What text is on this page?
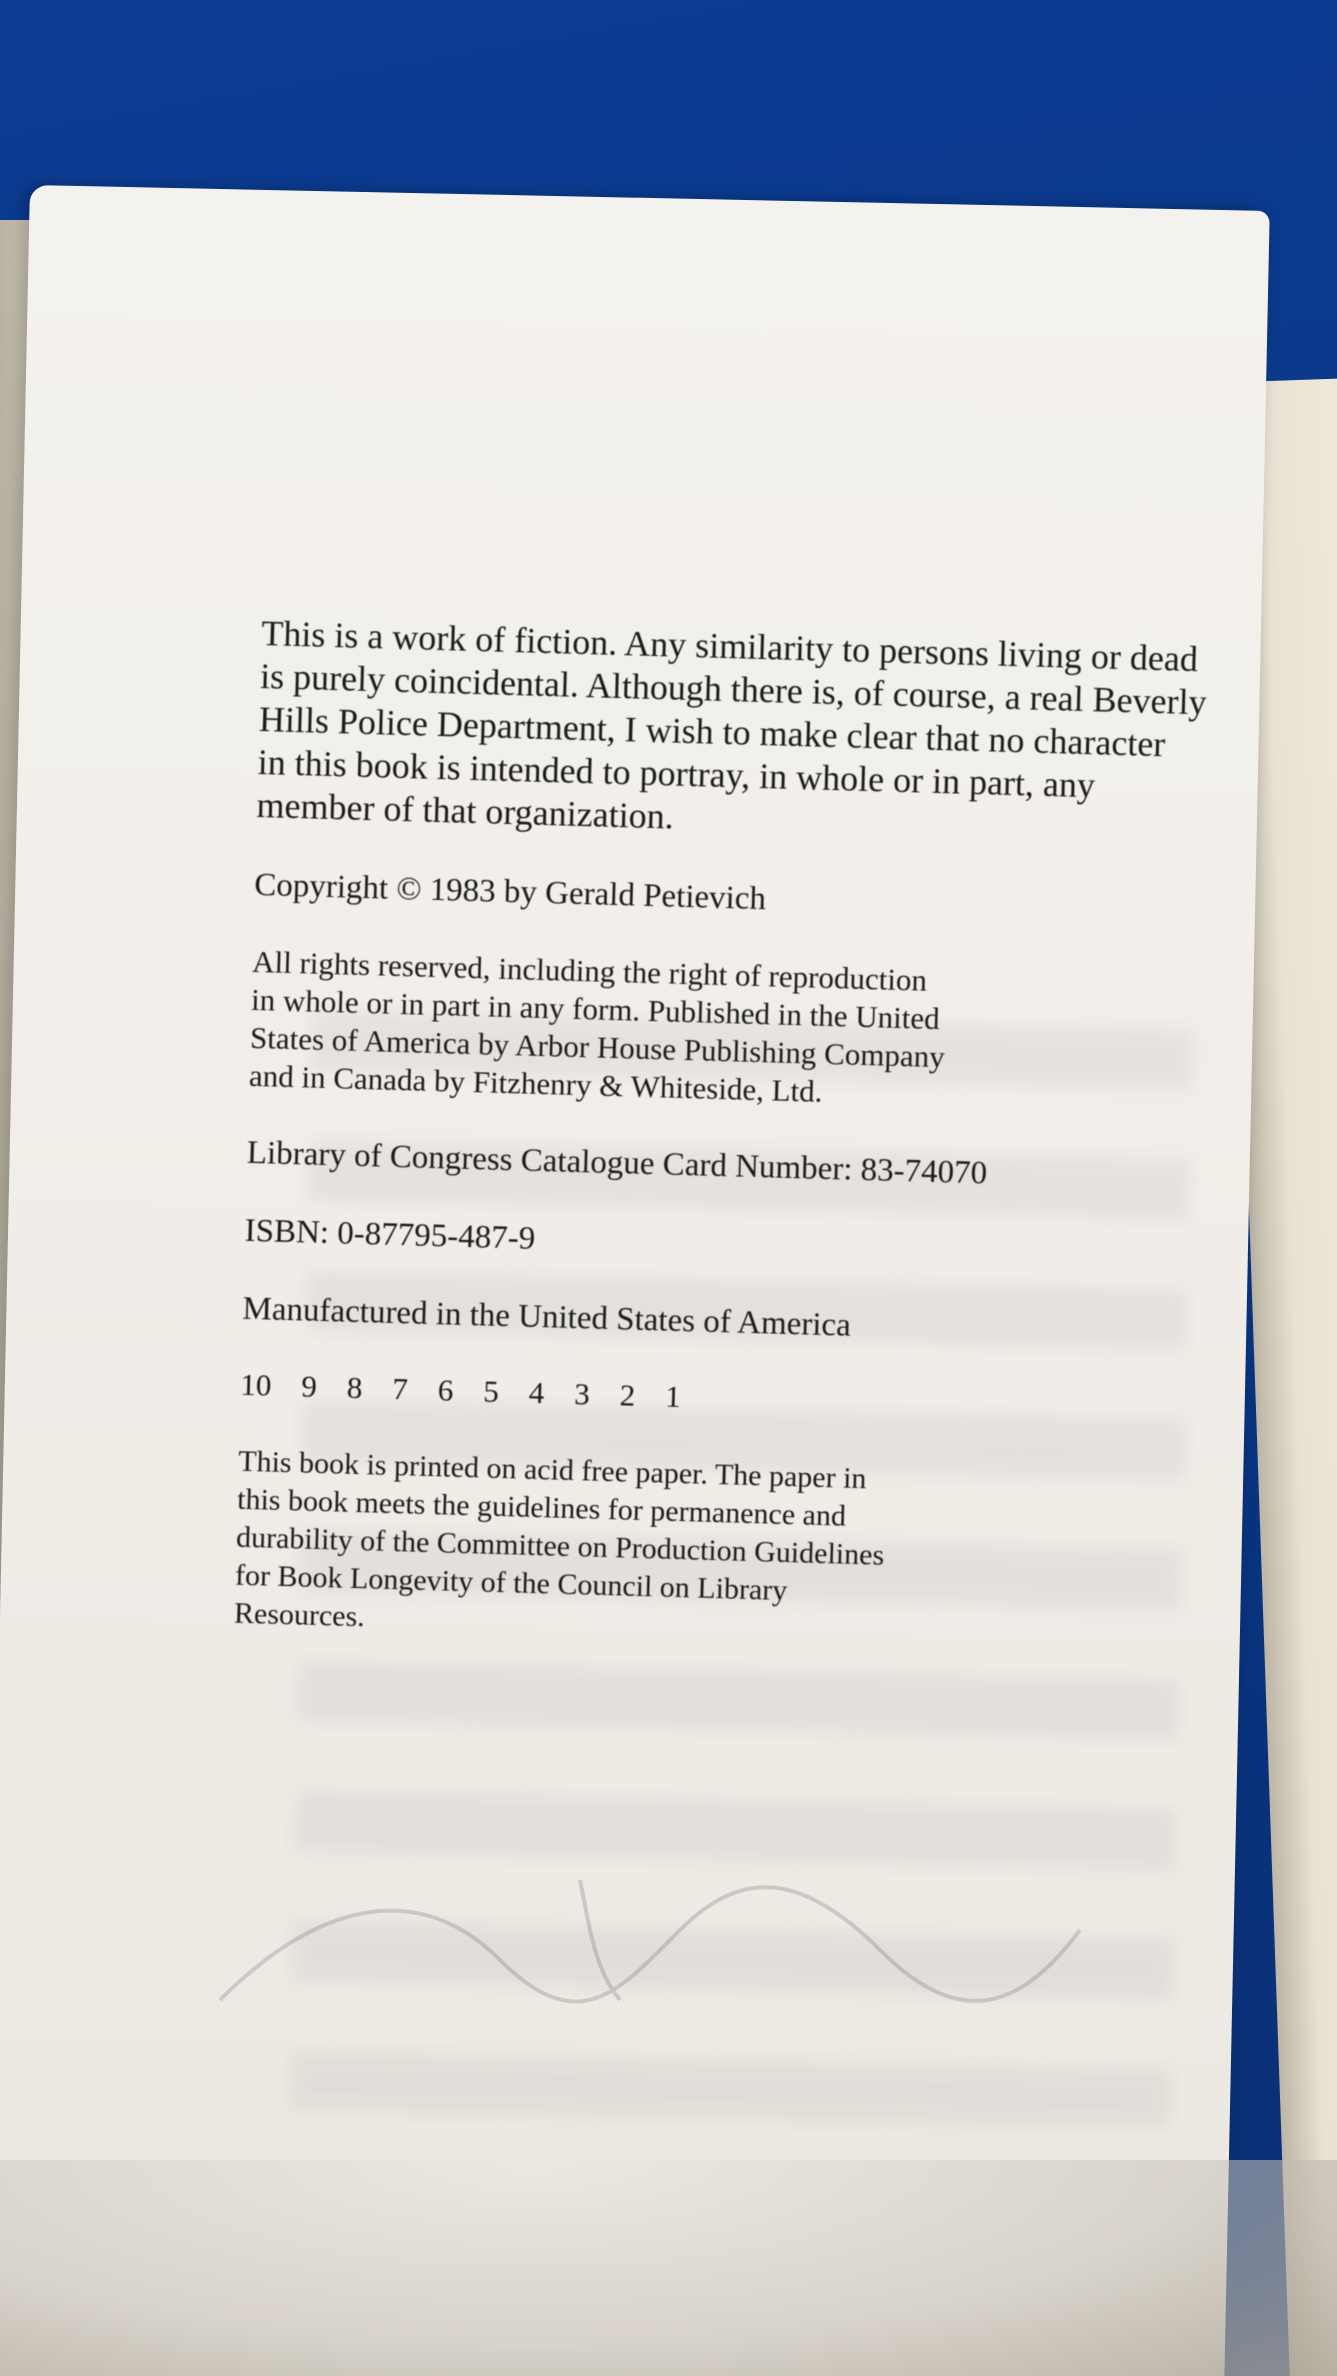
This is a work of fiction. Any similarity to persons living or dead
is purely coincidental. Although there is, of course, a real Beverly
Hills Police Department, I wish to make clear that no character
in this book is intended to portray, in whole or in part, any
member of that organization.

Copyright © 1983 by Gerald Petievich

All rights reserved, including the right of reproduction
in whole or in part in any form. Published in the United
States of America by Arbor House Publishing Company
and in Canada by Fitzhenry & Whiteside, Ltd.

Library of Congress Catalogue Card Number: 83-74070

ISBN: 0-87795-487-9

Manufactured in the United States of America

10 9 8 7 6 5 4 3 2 1

This book is printed on acid free paper. The paper in
this book meets the guidelines for permanence and
durability of the Committee on Production Guidelines
for Book Longevity of the Council on Library
Resources.
